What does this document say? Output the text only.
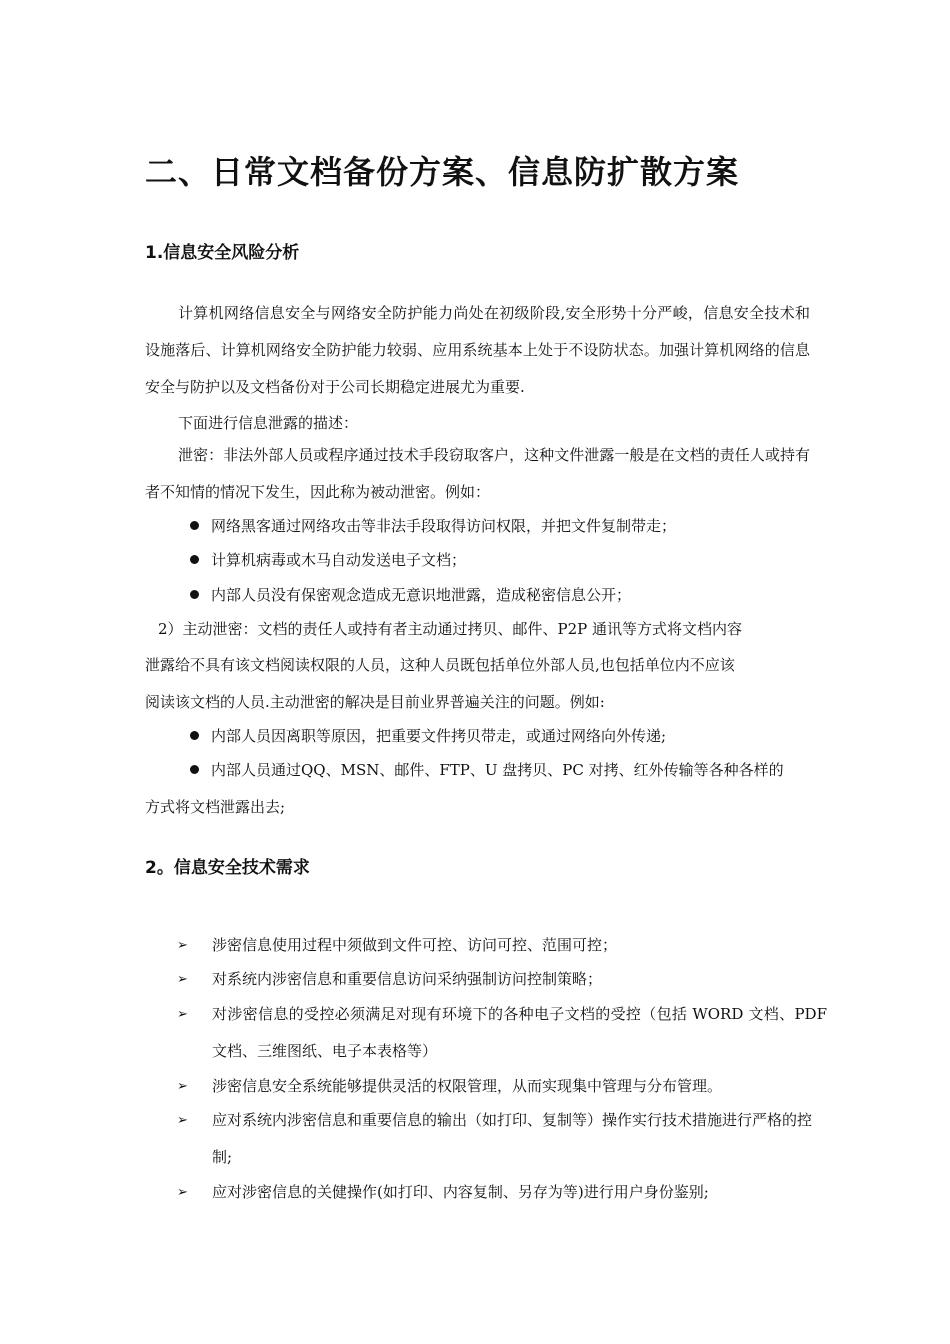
二、日常文档备份方案、信息防扩散方案
1.信息安全风险分析

计算机网络信息安全与网络安全防护能力尚处在初级阶段,安全形势十分严峻，信息安全技术和设施落后、计算机网络安全防护能力较弱、应用系统基本上处于不设防状态。加强计算机网络的信息安全与防护以及文档备份对于公司长期稳定进展尤为重要.

下面进行信息泄露的描述：

泄密：非法外部人员或程序通过技术手段窃取客户，这种文件泄露一般是在文档的责任人或持有者不知情的情况下发生，因此称为被动泄密。例如：

网络黑客通过网络攻击等非法手段取得访问权限，并把文件复制带走；

计算机病毒或木马自动发送电子文档；

内部人员没有保密观念造成无意识地泄露，造成秘密信息公开；

2）主动泄密：文档的责任人或持有者主动通过拷贝、邮件、P2P 通讯等方式将文档内容

泄露给不具有该文档阅读权限的人员，这种人员既包括单位外部人员,也包括单位内不应该

阅读该文档的人员.主动泄密的解决是目前业界普遍关注的问题。例如:

内部人员因离职等原因，把重要文件拷贝带走，或通过网络向外传递;

内部人员通过QQ、MSN、邮件、FTP、U 盘拷贝、PC 对拷、红外传输等各种各样的

方式将文档泄露出去;

2。信息安全技术需求
➢ 涉密信息使用过程中须做到文件可控、访问可控、范围可控；
➢ 对系统内涉密信息和重要信息访问采纳强制访问控制策略；
➢ 对涉密信息的受控必须满足对现有环境下的各种电子文档的受控（包括 WORD 文档、PDF 文档、三维图纸、电子本表格等）
➢ 涉密信息安全系统能够提供灵活的权限管理，从而实现集中管理与分布管理。
➢ 应对系统内涉密信息和重要信息的输出（如打印、复制等）操作实行技术措施进行严格的控制;
➢ 应对涉密信息的关健操作(如打印、内容复制、另存为等)进行用户身份鉴别;
